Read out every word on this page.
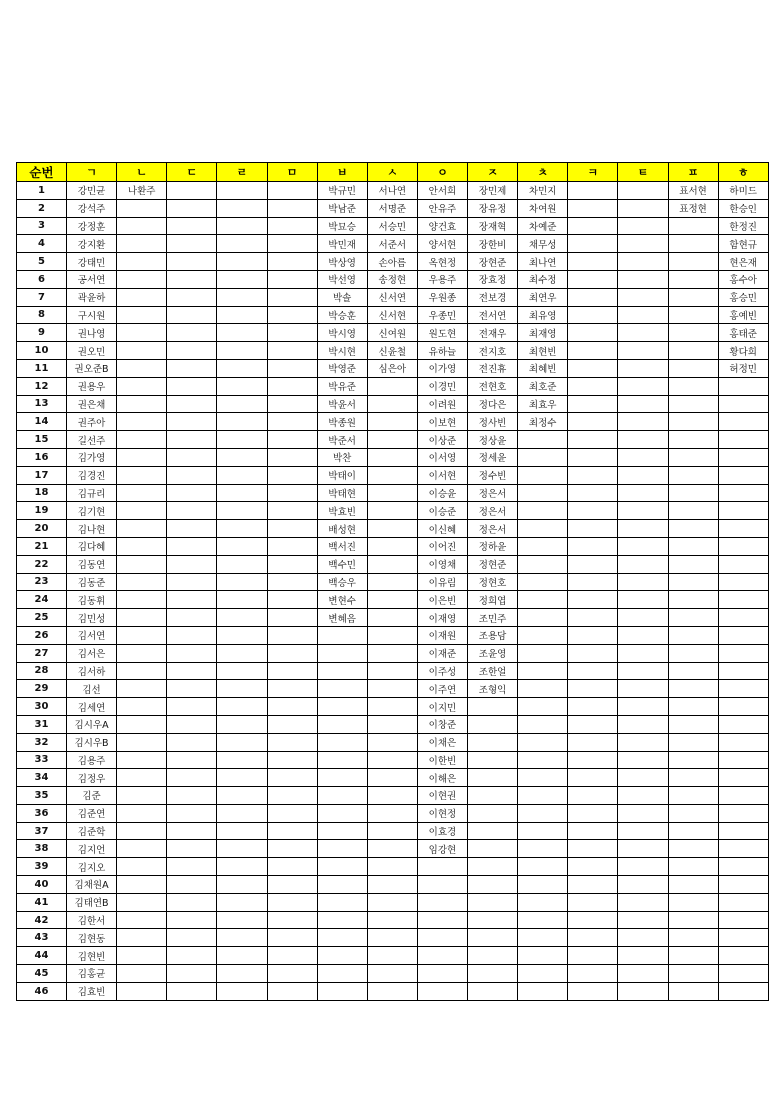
순번	ㄱ	ㄴ	ㄷ	ㄹ	ㅁ	ㅂ	ㅅ	ㅇ	ㅈ	ㅊ	ㅋ	ㅌ	ㅍ	ㅎ
1	강민균	나환주				박규민	서나연	안서희	장민제	차민지			표서현	하미드
2	강석주					박남준	서명준	안유주	장유정	차여원			표정현	한승인
3	강정훈					박묘승	서승민	양건효	장재혁	차예준				한정진
4	강지환					박민재	서준서	양서현	장한비	채무성				함현규
5	강태민					박상영	손아름	옥현정	장현준	최나연				현은재
6	공서연					박선영	송정현	우용주	장효정	최수정				홍수아
7	곽윤하					박솔	신서연	우원종	전보경	최연우				홍승민
8	구시원					박승훈	신서현	우종민	전서연	최유영				홍예빈
9	권나영					박시영	신여원	원도현	전재우	최재영				홍태준
10	권오민					박시현	신윤철	유하늘	전지호	최현빈				황다희
11	권오준B					박영준	심은아	이가영	전진휴	최혜빈				허정민
12	권용우					박유준		이경민	전현호	최호준				
13	권은채					박윤서		이려원	정다은	최효우				
14	권주아					박종원		이보현	정사빈	최정수				
15	길선주					박준서		이상준	정상윤					
16	김가영					박찬		이서영	정세윤					
17	김경진					박태이		이서현	정수빈					
18	김규리					박태현		이승윤	정은서					
19	김기현					박효빈		이승준	정은서					
20	김나현					배성현		이신혜	정은서					
21	김다혜					백서진		이어진	정하윤					
22	김동연					백수민		이영채	정현준					
23	김동준					백승우		이유림	정현호					
24	김동휘					변현수		이은빈	정희엽					
25	김민성					변혜음		이재영	조민주					
26	김서연							이재원	조용담					
27	김서은							이재준	조윤영					
28	김서하							이주성	조한얼					
29	김선							이주연	조형익					
30	김세연							이지민						
31	김시우A							이창준						
32	김시우B							이채은						
33	김용주							이한빈						
34	김정우							이해은						
35	김준							이현권						
36	김준연							이현정						
37	김준학							이효경						
38	김지언							임강현						
39	김지오													
40	김채원A													
41	김태연B													
42	김한서													
43	김현동													
44	김현빈													
45	김홍균													
46	김효빈													
